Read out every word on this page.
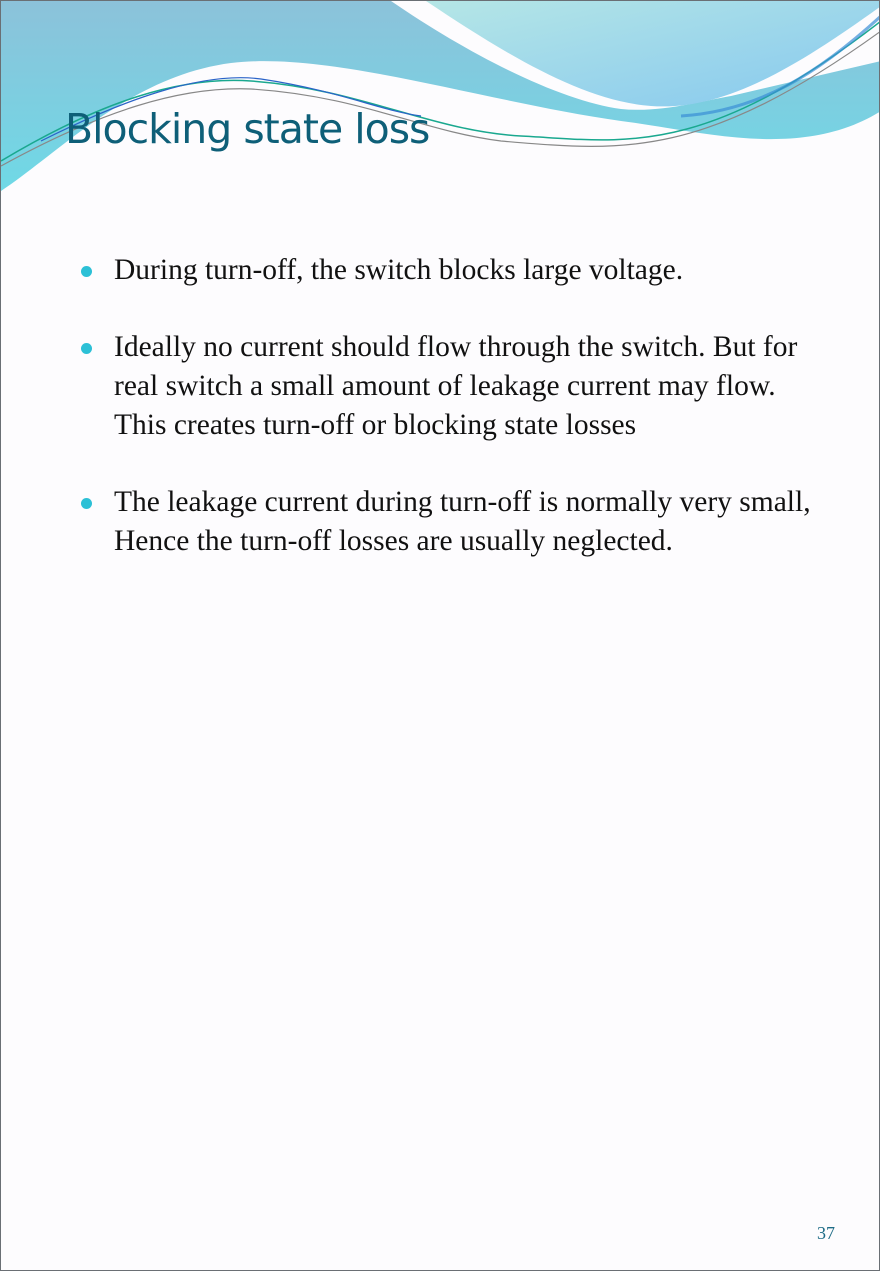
Blocking state loss
During turn-off, the switch blocks large voltage.
Ideally no current should flow through the switch. But for real switch a small amount of leakage current may flow. This creates turn-off or blocking state losses
The leakage current during turn-off is normally very small, Hence the turn-off losses are usually neglected.
37
